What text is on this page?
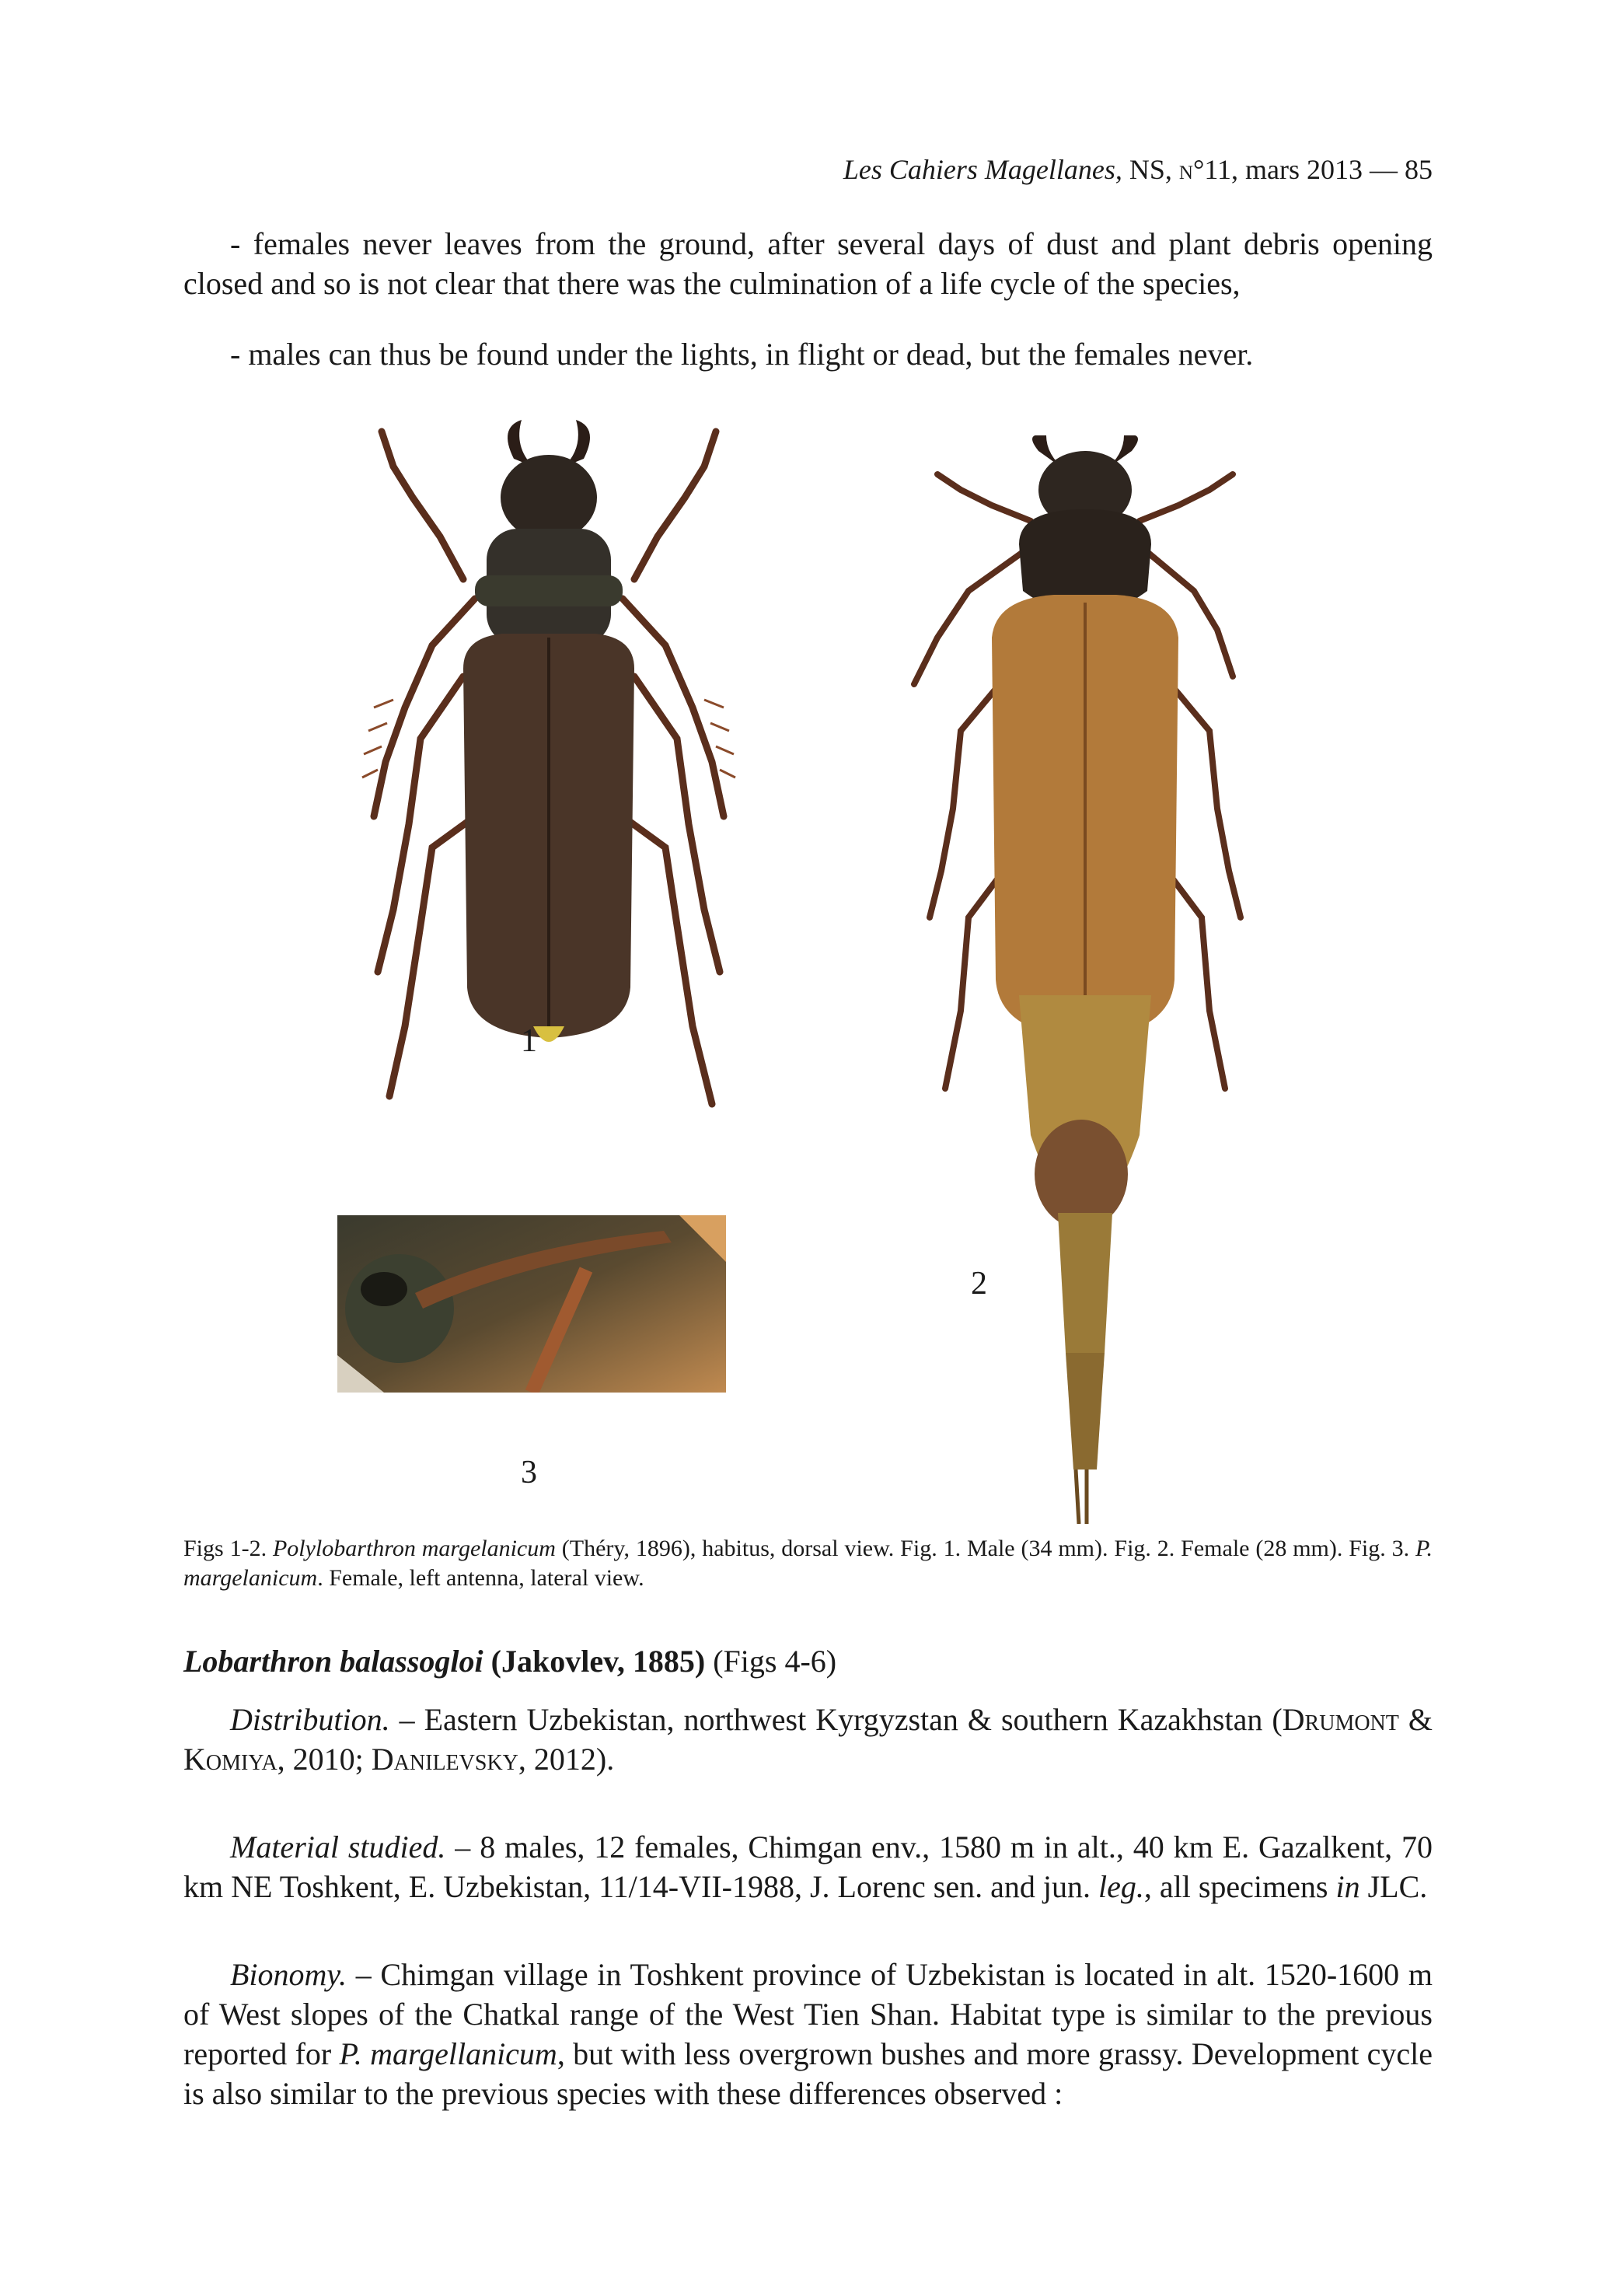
Les Cahiers Magellanes, NS, n°11, mars 2013 — 85

- females never leaves from the ground, after several days of dust and plant debris opening closed and so is not clear that there was the culmination of a life cycle of the species,

- males can thus be found under the lights, in flight or dead, but the females never.

1
2
3
Figs 1-2. Polylobarthron margelanicum (Théry, 1896), habitus, dorsal view. Fig. 1. Male (34 mm). Fig. 2. Female (28 mm). Fig. 3. P. margelanicum. Female, left antenna, lateral view.
Lobarthron balassogloi (Jakovlev, 1885) (Figs 4-6)

Distribution. – Eastern Uzbekistan, northwest Kyrgyzstan & southern Kazakhstan (Drumont & Komiya, 2010; Danilevsky, 2012).

Material studied. – 8 males, 12 females, Chimgan env., 1580 m in alt., 40 km E. Gazalkent, 70 km NE Toshkent, E. Uzbekistan, 11/14-VII-1988, J. Lorenc sen. and jun. leg., all specimens in JLC.

Bionomy. – Chimgan village in Toshkent province of Uzbekistan is located in alt. 1520-1600 m of West slopes of the Chatkal range of the West Tien Shan. Habitat type is similar to the previous reported for P. margellanicum, but with less overgrown bushes and more grassy. Development cycle is also similar to the previous species with these differences observed :
